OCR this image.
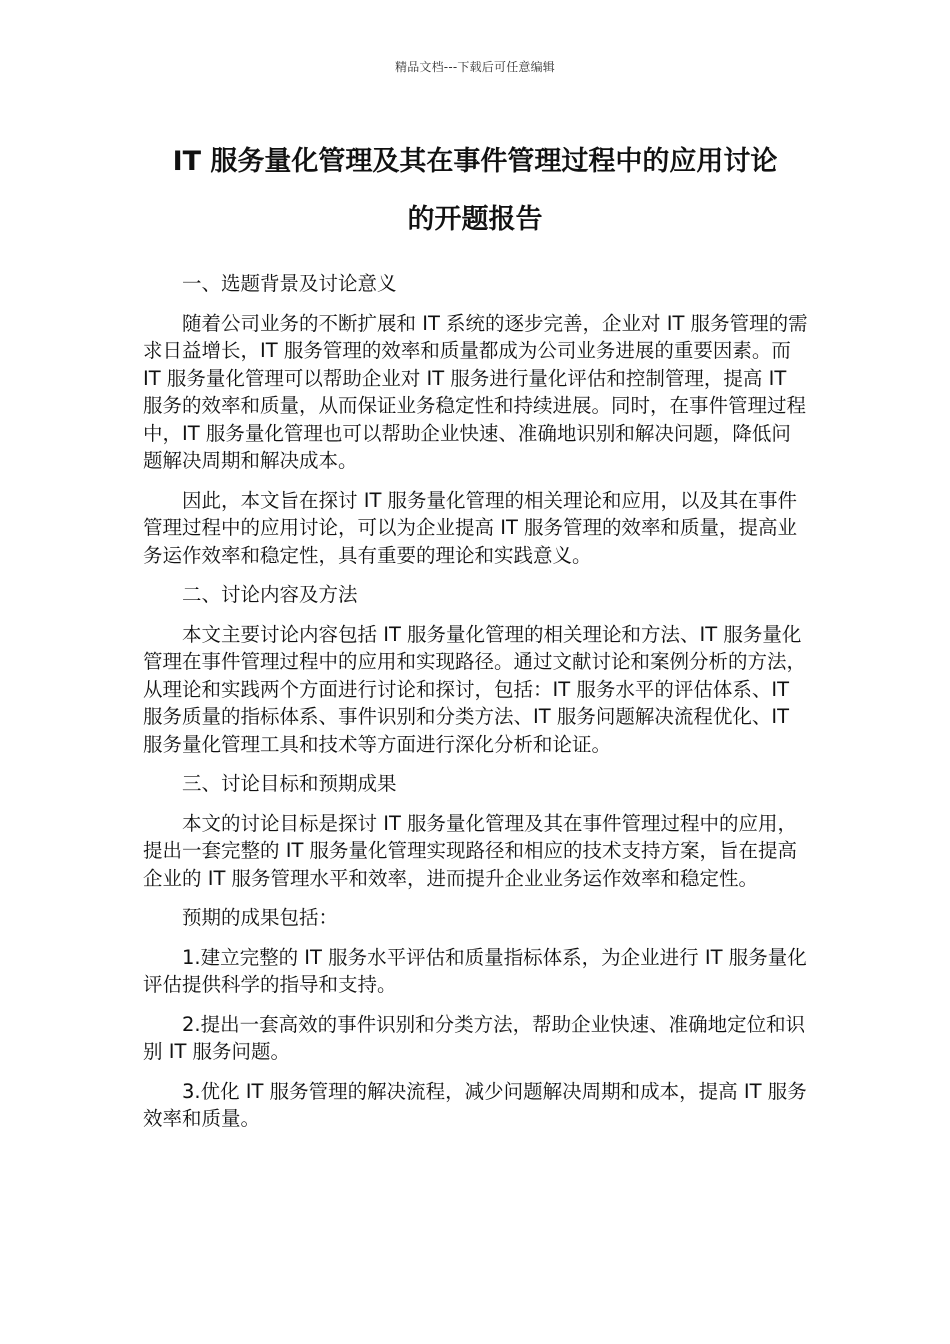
精品文档---下载后可任意编辑
IT 服务量化管理及其在事件管理过程中的应用讨论
的开题报告

一、选题背景及讨论意义

随着公司业务的不断扩展和 IT 系统的逐步完善，企业对 IT 服务管理的需求日益增长，IT 服务管理的效率和质量都成为公司业务进展的重要因素。而 IT 服务量化管理可以帮助企业对 IT 服务进行量化评估和控制管理，提高 IT 服务的效率和质量，从而保证业务稳定性和持续进展。同时，在事件管理过程中，IT 服务量化管理也可以帮助企业快速、准确地识别和解决问题，降低问题解决周期和解决成本。

因此，本文旨在探讨 IT 服务量化管理的相关理论和应用，以及其在事件管理过程中的应用讨论，可以为企业提高 IT 服务管理的效率和质量，提高业务运作效率和稳定性，具有重要的理论和实践意义。

二、讨论内容及方法

本文主要讨论内容包括 IT 服务量化管理的相关理论和方法、IT 服务量化管理在事件管理过程中的应用和实现路径。通过文献讨论和案例分析的方法，从理论和实践两个方面进行讨论和探讨，包括：IT 服务水平的评估体系、IT 服务质量的指标体系、事件识别和分类方法、IT 服务问题解决流程优化、IT 服务量化管理工具和技术等方面进行深化分析和论证。

三、讨论目标和预期成果

本文的讨论目标是探讨 IT 服务量化管理及其在事件管理过程中的应用，提出一套完整的 IT 服务量化管理实现路径和相应的技术支持方案，旨在提高企业的 IT 服务管理水平和效率，进而提升企业业务运作效率和稳定性。

预期的成果包括：

1.建立完整的 IT 服务水平评估和质量指标体系，为企业进行 IT 服务量化评估提供科学的指导和支持。

2.提出一套高效的事件识别和分类方法，帮助企业快速、准确地定位和识别 IT 服务问题。

3.优化 IT 服务管理的解决流程，减少问题解决周期和成本，提高 IT 服务效率和质量。
